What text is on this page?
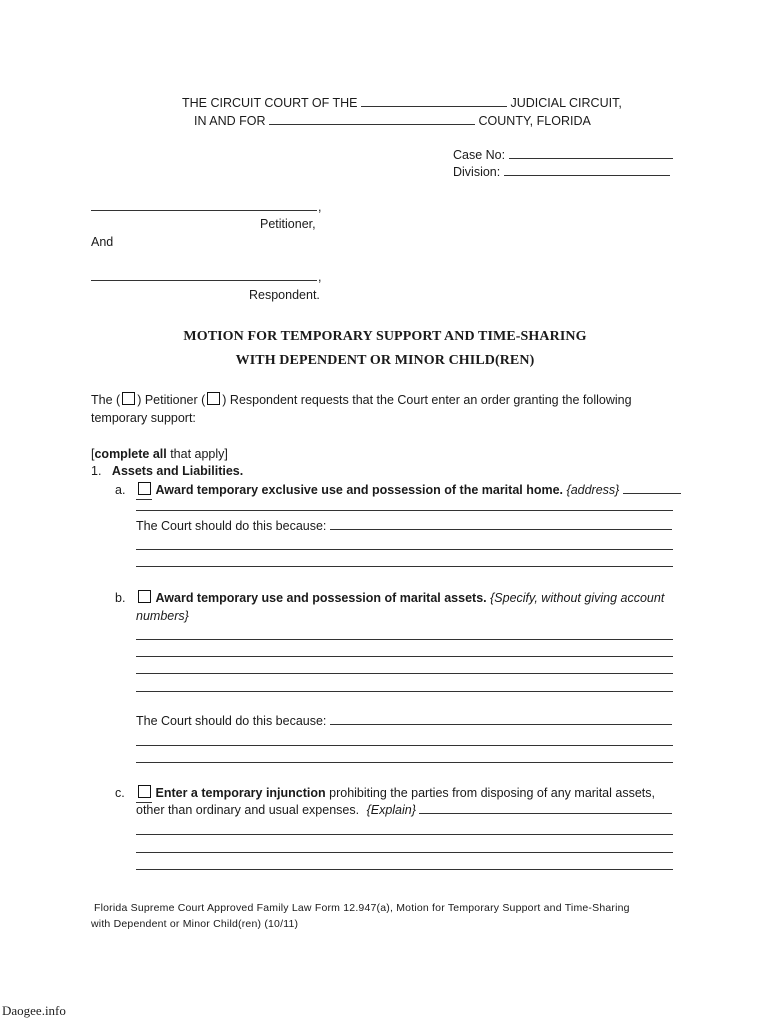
THE CIRCUIT COURT OF THE	JUDICIAL CIRCUIT,
IN AND FOR	COUNTY, FLORIDA
Case No:
Division:
,
Petitioner,
And
,
Respondent.
MOTION FOR TEMPORARY SUPPORT AND TIME-SHARING
WITH DEPENDENT OR MINOR CHILD(REN)
The ( ) Petitioner ( ) Respondent requests that the Court enter an order granting the following
temporary support:
[complete all that apply]
1. Assets and Liabilities.
a.	Award temporary exclusive use and possession of the marital home. {address}
The Court should do this because:
b.	Award temporary use and possession of marital assets. {Specify, without giving account
numbers}
The Court should do this because:
c.	Enter a temporary injunction prohibiting the parties from disposing of any marital assets,
other than ordinary and usual expenses. {Explain}
Florida Supreme Court Approved Family Law Form 12.947(a), Motion for Temporary Support and Time-Sharing
with Dependent or Minor Child(ren) (10/11)
Daogee.info
